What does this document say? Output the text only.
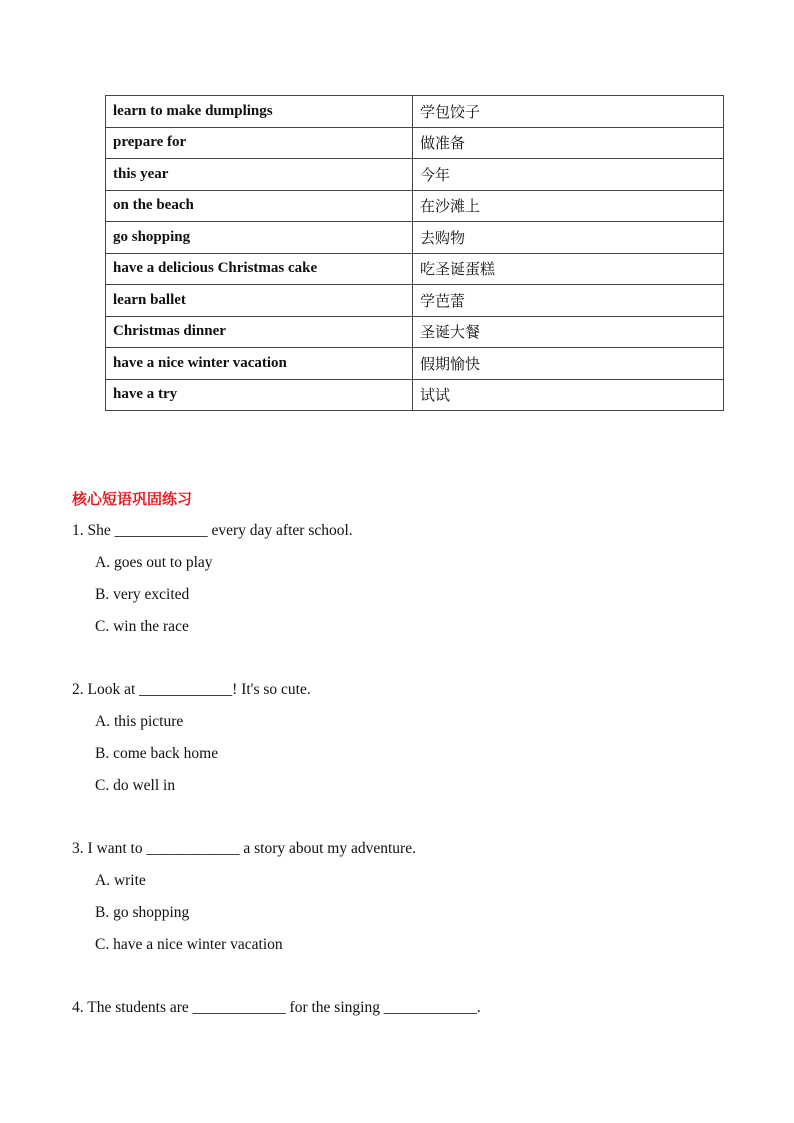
learn to make dumplings	学包饺子
prepare for	做准备
this year	今年
on the beach	在沙滩上
go shopping	去购物
have a delicious Christmas cake	吃圣诞蛋糕
learn ballet	学芭蕾
Christmas dinner	圣诞大餐
have a nice winter vacation	假期愉快
have a try	试试
核心短语巩固练习

1. She ____________ every day after school.

A. goes out to play

B. very excited

C. win the race

2. Look at ____________! It's so cute.

A. this picture

B. come back home

C. do well in

3. I want to ____________ a story about my adventure.

A. write

B. go shopping

C. have a nice winter vacation

4. The students are ____________ for the singing ____________.
